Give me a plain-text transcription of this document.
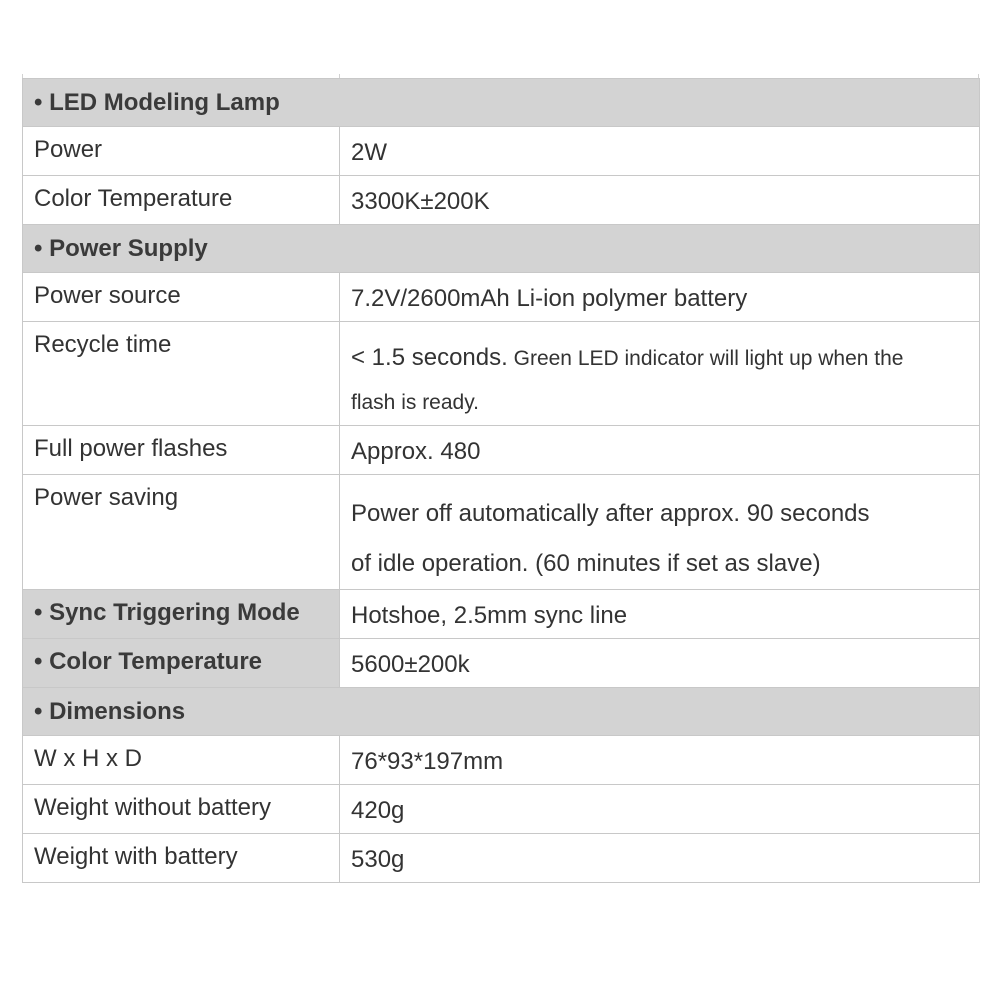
• LED Modeling Lamp	
Power	2W
Color Temperature	3300K±200K
• Power Supply	
Power source	7.2V/2600mAh Li-ion polymer battery
Recycle time	< 1.5 seconds. Green LED indicator will light up when the
flash is ready.

Full power flashes	Approx. 480
Power saving	Power off automatically after approx. 90 seconds
of idle operation. (60 minutes if set as slave)

• Sync Triggering Mode	Hotshoe, 2.5mm sync line
• Color Temperature	5600±200k
• Dimensions	
W x H x D	76*93*197mm
Weight without battery	420g
Weight with battery	530g
